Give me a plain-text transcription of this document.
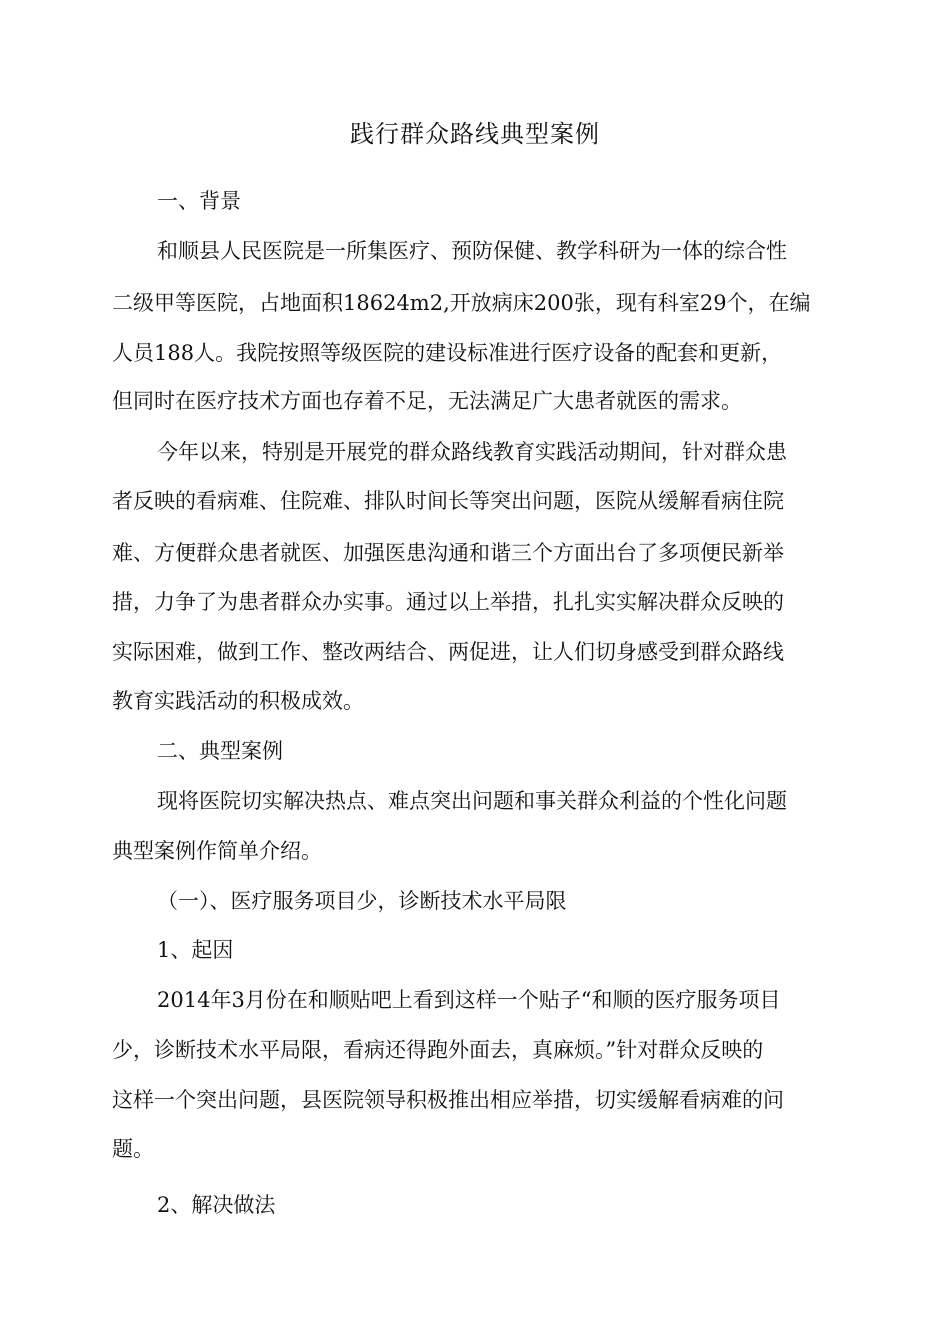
践行群众路线典型案例
一、背景
和顺县人民医院是一所集医疗、预防保健、教学科研为一体的综合性
二级甲等医院，占地面积18624m2,开放病床200张，现有科室29个，在编
人员188人。我院按照等级医院的建设标准进行医疗设备的配套和更新，
但同时在医疗技术方面也存着不足，无法满足广大患者就医的需求。
今年以来，特别是开展党的群众路线教育实践活动期间，针对群众患
者反映的看病难、住院难、排队时间长等突出问题，医院从缓解看病住院
难、方便群众患者就医、加强医患沟通和谐三个方面出台了多项便民新举
措，力争了为患者群众办实事。通过以上举措，扎扎实实解决群众反映的
实际困难，做到工作、整改两结合、两促进，让人们切身感受到群众路线
教育实践活动的积极成效。
二、典型案例
现将医院切实解决热点、难点突出问题和事关群众利益的个性化问题
典型案例作简单介绍。
（一）、医疗服务项目少，诊断技术水平局限
1、起因
2014年3月份在和顺贴吧上看到这样一个贴子“和顺的医疗服务项目
少，诊断技术水平局限，看病还得跑外面去，真麻烦。”针对群众反映的
这样一个突出问题，县医院领导积极推出相应举措，切实缓解看病难的问
题。
2、解决做法
